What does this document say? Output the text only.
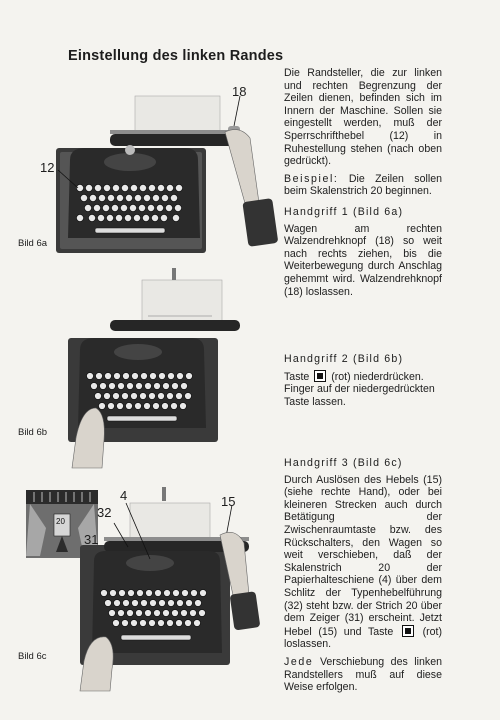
Einstellung des linken Randes
18
12
Bild 6a

Die Randsteller, die zur linken und rechten Begrenzung der Zeilen dienen, befinden sich im Innern der Maschine. Sollen sie eingestellt werden, muß der Sperrschrifthebel (12) in Ruhestellung stehen (nach oben gedrückt).

Beispiel: Die Zeilen sollen beim Skalenstrich 20 beginnen.

Handgriff 1 (Bild 6a)

Wagen am rechten Walzendrehknopf (18) so weit nach rechts ziehen, bis die Weiterbewegung durch Anschlag gehemmt wird. Walzendrehknopf (18) loslassen.

Bild 6b

Handgriff 2 (Bild 6b)

Taste (rot) niederdrücken. Finger auf der niedergedrückten Taste lassen.

20
4	15
32
31
Bild 6c

Handgriff 3 (Bild 6c)

Durch Auslösen des Hebels (15) (siehe rechte Hand), oder bei kleineren Strecken auch durch Betätigung der Zwischenraumtaste bzw. des Rückschalters, den Wagen so weit verschieben, daß der Skalenstrich 20 der Papierhalteschiene (4) über dem Schlitz der Typenhebelführung (32) steht bzw. der Strich 20 über dem Zeiger (31) erscheint. Jetzt Hebel (15) und Taste	(rot) loslassen.

Jede Verschiebung des linken Randstellers muß auf diese Weise erfolgen.
